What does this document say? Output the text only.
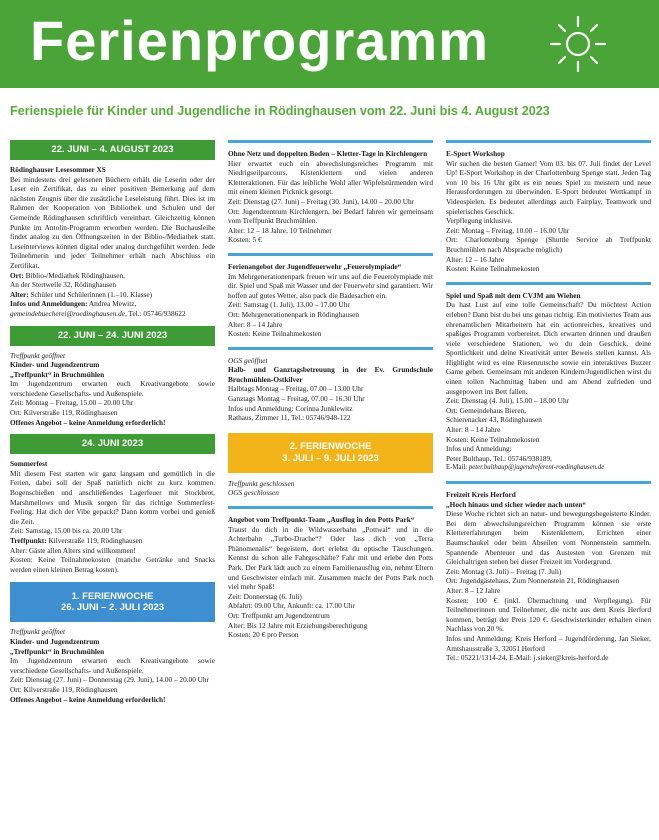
Ferienprogramm
Ferienspiele für Kinder und Jugendliche in Rödinghausen vom 22. Juni bis 4. August 2023
22. JUNI – 4. AUGUST 2023
Rödinghauser Lesesommer XS
Bei mindestens drei gelesenen Büchern erhält die Leserin oder der Leser ein Zertifikat, das zu einer positiven Bemerkung auf dem nächsten Zeugnis über die zusätzliche Leseleistung führt. Dies ist im Rahmen der Kooperation von Bibliothek und Schulen und der Gemeinde Rödinghausen schriftlich vereinbart. Gleichzeitig können Punkte im Antolin-Programm erworben werden. Die Buchausleihe findet analog zu den Öffnungszeiten in der Biblio-/Mediathek statt. Leseinterviews können digital oder analog durchgeführt werden. Jede Teilnehmerin und jeder Teilnehmer erhält nach Abschluss ein Zertifikat.
Ort: Biblio-/Mediathek Rödinghausen,
An der Stertwelle 32, Rödinghausen
Alter: Schüler und Schülerinnen (1.–10. Klasse)
Infos und Anmeldungen: Andrea Mewitz,
gemeindebuecherei@roedinghausen.de, Tel.: 05746/938622
22. JUNI – 24. JUNI 2023
Treffpunkt geöffnet
Kinder- und Jugendzentrum
„Treffpunkt“ in Bruchmühlen
Im Jugendzentrum erwarten euch Kreativangebote sowie verschiedene Gesellschafts- und Außenspiele.
Zeit: Montag – Freitag, 15.00 – 20.00 Uhr
Ort: Kilverstraße 119, Rödinghausen
Offenes Angebot – keine Anmeldung erforderlich!
24. JUNI 2023
Sommerfest
Mit diesem Fest starten wir ganz langsam und gemütlich in die Ferien, dabei soll der Spaß natürlich nicht zu kurz kommen. Bogenschießen und anschließendes Lagerfeuer mit Stockbrot, Marshmellows und Musik sorgen für das richtige Sommerfest-Feeling. Hat dich der Vibe gepackt? Dann komm vorbei und genieß die Zeit.
Zeit: Samstag, 15.00 bis ca. 20.00 Uhr
Treffpunkt: Kilverstraße 119, Rödinghausen
Alter: Gäste allen Alters sind willkommen!
Kosten: Keine Teilnahmekosten (manche Getränke und Snacks werden einen kleinen Betrag kosten).
1. FERIENWOCHE
26. JUNI – 2. JULI 2023
Treffpunkt geöffnet
Kinder- und Jugendzentrum
„Treffpunkt“ in Bruchmühlen
Im Jugendzentrum erwarten euch Kreativangebote sowie verschiedene Gesellschafts- und Außenspiele.
Zeit: Dienstag (27. Juni) – Donnerstag (29. Juni), 14.00 – 20.00 Uhr
Ort: Kilverstraße 119, Rödinghausen
Offenes Angebot – keine Anmeldung erforderlich!
Ohne Netz und doppelten Boden – Kletter-Tage in Kirchlengern
Hier erwartet euch ein abwechslungsreiches Programm mit Niedrigseilparcours, Kistenklettern und vielen anderen Kletteraktionen. Für das leibliche Wohl aller Wipfelstürmenden wird mit einem kleinen Picknick gesorgt.
Zeit: Dienstag (27. Juni) – Freitag (30. Juni), 14.00 – 20.00 Uhr
Ort: Jugendzentrum Kirchlengern, bei Bedarf fahren wir gemeinsam vom Treffpunkt Bruchmühlen.
Alter: 12 – 18 Jahre, 10 Teilnehmer
Kosten: 5 €
Ferienangebot der Jugendfeuerwehr „Feuerolympiade“
Im Mehrgenerationenpark freuen wir uns auf die Feuerolympiade mit dir. Spiel und Spaß mit Wasser und der Feuerwehr sind garantiert. Wir hoffen auf gutes Wetter, also pack die Badesachen ein.
Zeit: Samstag (1. Juli), 13.00 – 17.00 Uhr
Ort: Mehrgenerationenpark in Rödinghausen
Alter: 8 – 14 Jahre
Kosten: Keine Teilnahmekosten
OGS geöffnet
Halb- und Ganztagsbetreuung in der Ev. Grundschule Bruchmühlen-Ostkilver
Halbtags Montag – Freitag, 07.00 – 13.00 Uhr
Ganztags Montag – Freitag, 07.00 – 16.30 Uhr
Infos und Anmeldung: Corinna Junklewitz
Rathaus, Zimmer 11, Tel.: 05746/948-122
2. FERIENWOCHE
3. JULI – 9. JULI 2023
Treffpunkt geschlossen
OGS geschlossen
Angebot vom Treffpunkt-Team „Ausflug in den Potts Park“
Traust du dich in die Wildwasserbahn „Pottwal“ und in die Achterbahn „Turbo-Drache“? Oder lass dich von „Terra Phänomenalis“ begeistern, dort erlebst du optische Täuschungen. Kennst du schon alle Fahrgeschäfte? Fahr mit und erlebe den Potts Park. Der Park lädt auch zu einem Familienausflug ein, nehmt Eltern und Geschwister einfach mit. Zusammen macht der Potts Park noch viel mehr Spaß!
Zeit: Donnerstag (6. Juli)
Abfahrt: 09.00 Uhr, Ankunft: ca. 17.00 Uhr
Ort: Treffpunkt am Jugendzentrum
Alter: Bis 12 Jahre mit Erziehungsberechtigung
Kosten: 20 € pro Person
E-Sport Workshop
Wir suchen die besten Gamer! Vom 03. bis 07. Juli findet der Level Up! E-Sport Workshop in der Charlottenburg Spenge statt. Jeden Tag von 10 bis 16 Uhr gibt es ein neues Spiel zu meistern und neue Herausforderungen zu überwinden. E-Sport bedeutet Wettkampf in Videospielen. Es bedeutet allerdings auch Fairplay, Teamwork und spielerisches Geschick.
Verpflegung inklusive.
Zeit: Montag – Freitag, 10.00 – 16.00 Uhr
Ort: Charlottenburg Spenge (Shuttle Service ab Treffpunkt Bruchmühlen nach Absprache möglich)
Alter: 12 – 16 Jahre
Kosten: Keine Teilnahmekosten
Spiel und Spaß mit dem CVJM am Wiehen
Du hast Lust auf eine tolle Gemeinschaft? Du möchtest Action erleben? Dann bist du bei uns genau richtig. Ein motiviertes Team aus ehrenamtlichen Mitarbeitern hat ein actionreiches, kreatives und spaßiges Programm vorbereitet. Dich erwarten drinnen und draußen viele verschiedene Stationen, wo du dein Geschick, deine Sportlichkeit und deine Kreativität unter Beweis stellen kannst. Als Highlight wird es eine Riesenrutsche sowie ein interaktives Buzzer Game geben. Gemeinsam mit anderen Kindern/Jugendlichen wirst du einen tollen Nachmittag haben und am Abend zufrieden und ausgepowert ins Bett fallen.
Zeit: Dienstag (4. Juli), 15.00 – 18.00 Uhr
Ort: Gemeindehaus Bieren,
Schierenacker 43, Rödinghausen
Alter: 8 – 14 Jahre
Kosten: Keine Teilnahmekosten
Infos und Anmeldung:
Peter Bulthaup, Tel.: 05746/938189,
E-Mail: peter.bulthaup@jugendreferent-roedinghausen.de
Freizeit Kreis Herford
„Hoch hinaus und sicher wieder nach unten“
Diese Woche richtet sich an natur- und bewegungsbegeisterte Kinder. Bei dem abwechslungsreichen Programm können sie erste Klettererfahrungen beim Kistenklettern, Errichten einer Baumschaukel oder beim Abseilen vom Nonnenstein sammeln. Spannende Abenteuer und das Austesten von Grenzen mit Gleichaltrigen stehen bei dieser Freizeit im Vordergrund.
Zeit: Montag (3. Juli) – Freitag (7. Juli)
Ort: Jugendgästehaus, Zum Nonnenstein 21, Rödinghausen
Alter: 8 – 12 Jahre
Kosten: 100 € (inkl. Übernachtung und Verpflegung). Für Teilnehmerinnen und Teilnehmer, die nicht aus dem Kreis Herford kommen, beträgt der Preis 120 €. Geschwisterkinder erhalten einen Nachlass von 20 %.
Infos und Anmeldung: Kreis Herford – Jugendförderung, Jan Sieker, Amtshausstraße 3, 32051 Herford
Tel.: 05221/1314-24, E-Mail: j.sieker@kreis-herford.de
